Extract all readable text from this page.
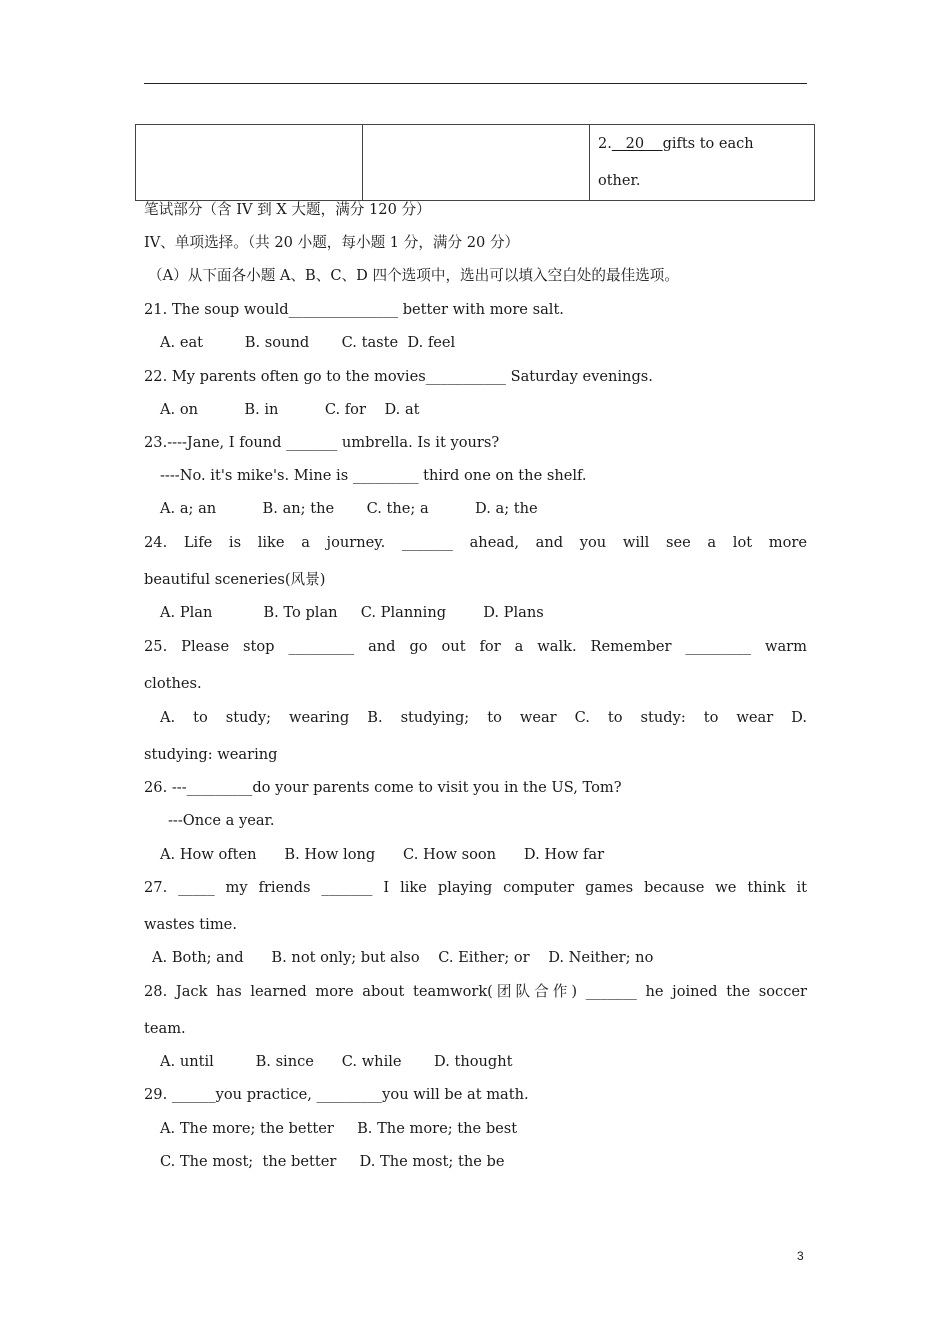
		2.   20    gifts to each
other.
笔试部分（含 IV 到 X 大题，满分 120 分）
IV、单项选择。（共 20 小题，每小题 1 分，满分 20 分）
（A）从下面各小题 A、B、C、D 四个选项中，选出可以填入空白处的最佳选项。
21. The soup would_______________ better with more salt.
A. eat         B. sound       C. taste  D. feel
22. My parents often go to the movies___________ Saturday evenings.
A. on          B. in          C. for    D. at
23.----Jane, I found _______ umbrella. Is it yours?
----No. it's mike's. Mine is _________ third one on the shelf.
A. a; an          B. an; the       C. the; a          D. a; the
24. Life is like a journey. _______ ahead, and you will see a lot more
beautiful sceneries(风景)
A. Plan           B. To plan     C. Planning        D. Plans
25. Please stop _________ and go out for a walk. Remember _________ warm
clothes.
A. to study; wearing B. studying; to wear C. to study: to wear D.
studying: wearing
26. ---_________do your parents come to visit you in the US, Tom?
---Once a year.
A. How often      B. How long      C. How soon      D. How far
27. _____ my friends _______ I like playing computer games because we think it
wastes time.
A. Both; and      B. not only; but also    C. Either; or    D. Neither; no
28. Jack has learned more about teamwork(团队合作) _______ he joined the soccer
team.
A. until         B. since      C. while       D. thought
29. ______you practice, _________you will be at math.
A. The more; the better     B. The more; the best
C. The most;  the better     D. The most; the be
3
